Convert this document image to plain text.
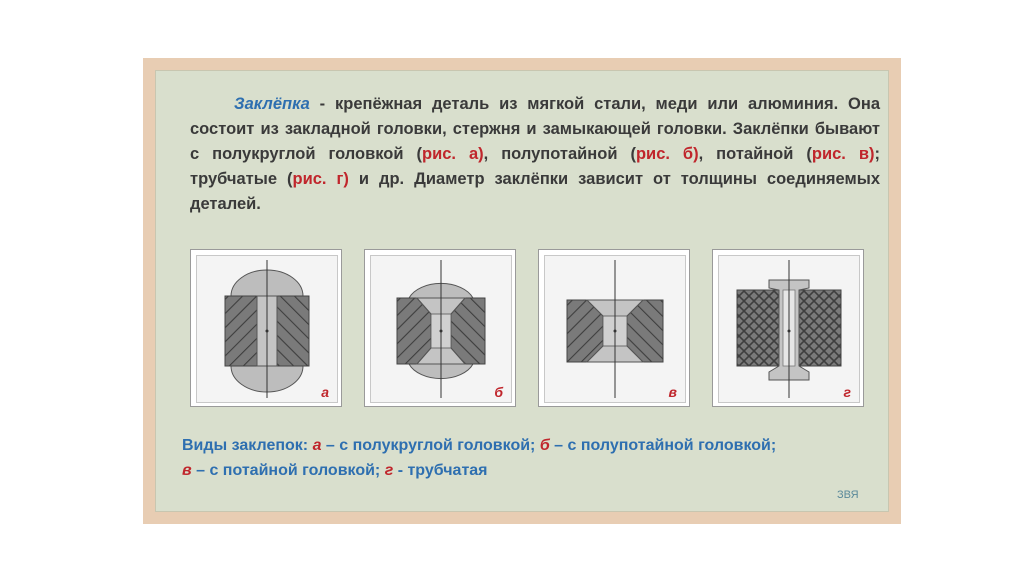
Заклёпка - крепёжная деталь из мягкой стали, меди или алюминия. Она состоит из закладной головки, стержня и замыкающей головки. Заклёпки бывают с полукруглой головкой (рис. а), полупотайной (рис. б), потайной (рис. в); трубчатые (рис. г) и др. Диаметр заклёпки зависит от толщины соединяемых деталей.

а	б	в	г

Виды заклепок: а – с полукруглой головкой; б – с полупотайной головкой;
в – с потайной головкой; г - трубчатая

ЗВЯ
